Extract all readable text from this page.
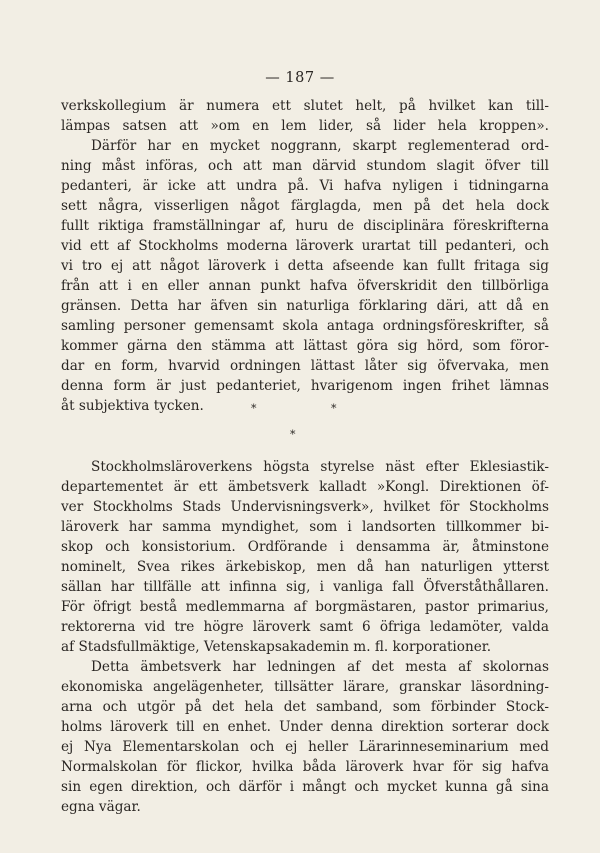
— 187 —
verkskollegium är numera ett slutet helt, på hvilket kan till-
lämpas satsen att »om en lem lider, så lider hela kroppen».
Därför har en mycket noggrann, skarpt reglementerad ord-
ning måst införas, och att man därvid stundom slagit öfver till
pedanteri, är icke att undra på. Vi hafva nyligen i tidningarna
sett några, visserligen något färglagda, men på det hela dock
fullt riktiga framställningar af, huru de disciplinära föreskrifterna
vid ett af Stockholms moderna läroverk urartat till pedanteri, och
vi tro ej att något läroverk i detta afseende kan fullt fritaga sig
från att i en eller annan punkt hafva öfverskridit den tillbörliga
gränsen. Detta har äfven sin naturliga förklaring däri, att då en
samling personer gemensamt skola antaga ordningsföreskrifter, så
kommer gärna den stämma att lättast göra sig hörd, som föror-
dar en form, hvarvid ordningen lättast låter sig öfvervaka, men
denna form är just pedanteriet, hvarigenom ingen frihet lämnas
åt subjektiva tycken.	*	*
*
Stockholmsläroverkens högsta styrelse näst efter Eklesiastik-
departementet är ett ämbetsverk kalladt »Kongl. Direktionen öf-
ver Stockholms Stads Undervisningsverk», hvilket för Stockholms
läroverk har samma myndighet, som i landsorten tillkommer bi-
skop och konsistorium. Ordförande i densamma är, åtminstone
nominelt, Svea rikes ärkebiskop, men då han naturligen ytterst
sällan har tillfälle att infinna sig, i vanliga fall Öfverståthållaren.
För öfrigt bestå medlemmarna af borgmästaren, pastor primarius,
rektorerna vid tre högre läroverk samt 6 öfriga ledamöter, valda
af Stadsfullmäktige, Vetenskapsakademin m. fl. korporationer.
Detta ämbetsverk har ledningen af det mesta af skolornas
ekonomiska angelägenheter, tillsätter lärare, granskar läsordning-
arna och utgör på det hela det samband, som förbinder Stock-
holms läroverk till en enhet. Under denna direktion sorterar dock
ej Nya Elementarskolan och ej heller Lärarinneseminarium med
Normalskolan för flickor, hvilka båda läroverk hvar för sig hafva
sin egen direktion, och därför i mångt och mycket kunna gå sina
egna vägar.
